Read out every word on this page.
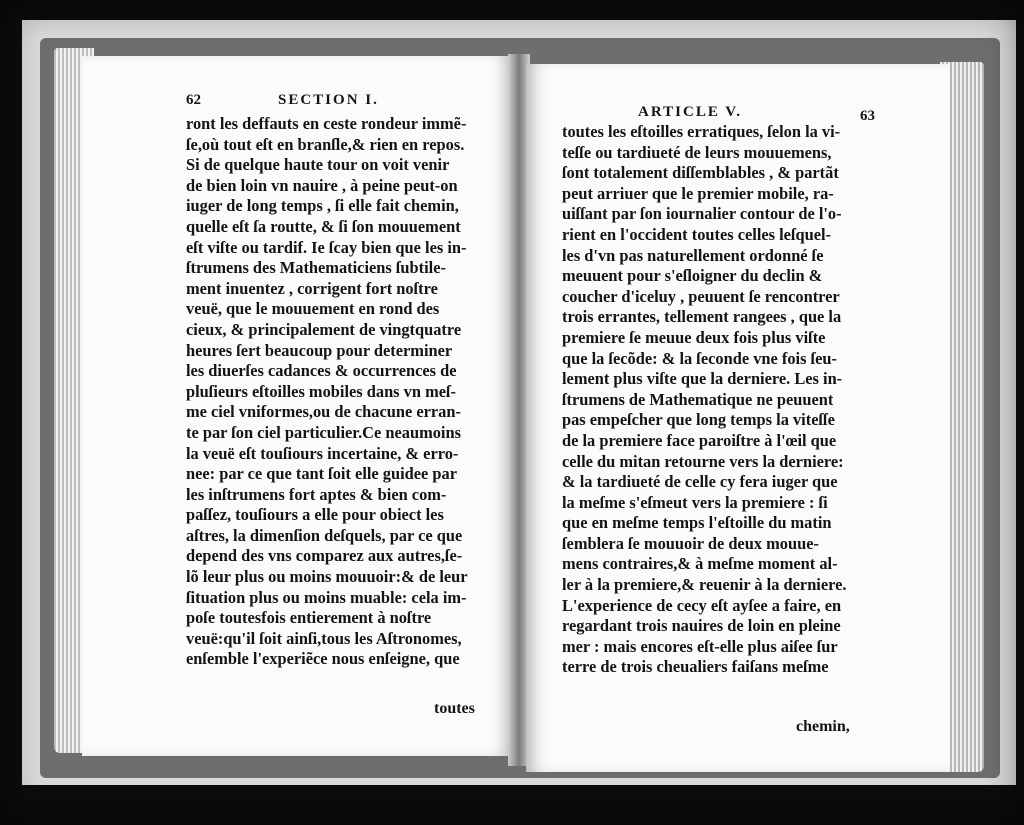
62	SECTION I.
ront les deffauts en ceste rondeur immẽ-
ſe,où tout eſt en branſle,& rien en repos.
Si de quelque haute tour on voit venir
de bien loin vn nauire , à peine peut-on
iuger de long temps , ſi elle fait chemin,
quelle eſt ſa routte, & ſi ſon mouuement
eſt viſte ou tardif. Ie ſcay bien que les in-
ſtrumens des Mathematiciens ſubtile-
ment inuentez , corrigent fort noſtre
veuë, que le mouuement en rond des
cieux, & principalement de vingtquatre
heures ſert beaucoup pour determiner
les diuerſes cadances & occurrences de
pluſieurs eſtoilles mobiles dans vn meſ-
me ciel vniformes,ou de chacune erran-
te par ſon ciel particulier.Ce neaumoins
la veuë eſt touſiours incertaine, & erro-
nee: par ce que tant ſoit elle guidee par
les inſtrumens fort aptes & bien com-
paſſez, touſiours a elle pour obiect les
aſtres, la dimenſion deſquels, par ce que
depend des vns comparez aux autres,ſe-
lõ leur plus ou moins mouuoir:& de leur
ſituation plus ou moins muable: cela im-
poſe toutesfois entierement à noſtre
veuë:qu'il ſoit ainſi,tous les Aſtronomes,
enſemble l'experiẽce nous enſeigne, que
toutes
ARTICLE V.	63
toutes les eſtoilles erratiques, ſelon la vi-
teſſe ou tardiueté de leurs mouuemens,
ſont totalement diſſemblables , & partãt
peut arriuer que le premier mobile, ra-
uiſſant par ſon iournalier contour de l'o-
rient en l'occident toutes celles leſquel-
les d'vn pas naturellement ordonné ſe
meuuent pour s'eſloigner du declin &
coucher d'iceluy , peuuent ſe rencontrer
trois errantes, tellement rangees , que la
premiere ſe meuue deux fois plus viſte
que la ſecõde: & la ſeconde vne fois ſeu-
lement plus viſte que la derniere. Les in-
ſtrumens de Mathematique ne peuuent
pas empeſcher que long temps la viteſſe
de la premiere face paroiſtre à l'œil que
celle du mitan retourne vers la derniere:
& la tardiueté de celle cy fera iuger que
la meſme s'eſmeut vers la premiere : ſi
que en meſme temps l'eſtoille du matin
ſemblera ſe mouuoir de deux mouue-
mens contraires,& à meſme moment al-
ler à la premiere,& reuenir à la derniere.
L'experience de cecy eſt ayſee a faire, en
regardant trois nauires de loin en pleine
mer : mais encores eſt-elle plus aiſee ſur
terre de trois cheualiers faiſans meſme
chemin,
